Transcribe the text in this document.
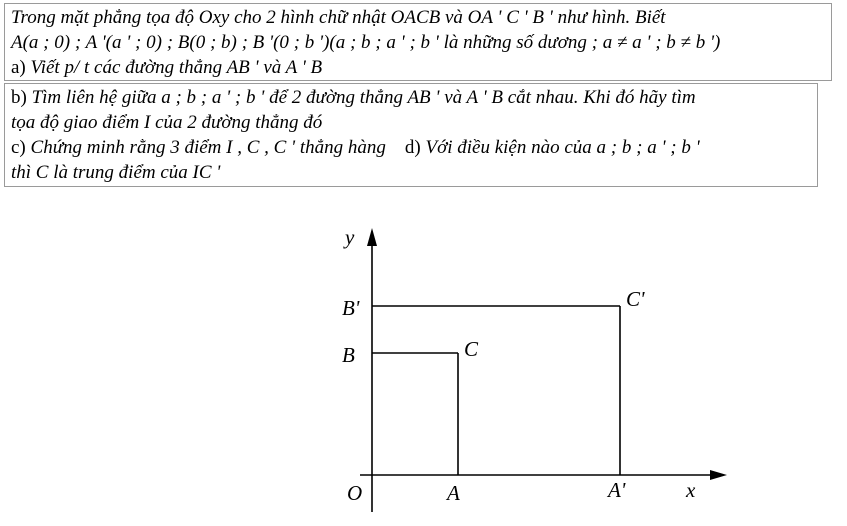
Trong mặt phẳng tọa độ Oxy cho 2 hình chữ nhật OACB và OA ' C ' B ' như hình. Biết
A(a ; 0) ; A '(a ' ; 0) ; B(0 ; b) ; B '(0 ; b ')(a ; b ; a ' ; b ' là những số dương ; a ≠ a ' ; b ≠ b ')
a) Viết p/ t các đường thẳng AB ' và A ' B
b) Tìm liên hệ giữa a ; b ; a ' ; b ' để 2 đường thẳng AB ' và A ' B cắt nhau. Khi đó hãy tìm
tọa độ giao điểm I của 2 đường thẳng đó
c) Chứng minh rằng 3 điểm I , C , C ' thẳng hàng d) Với điều kiện nào của a ; b ; a ' ; b '
thì C là trung điểm của IC '
y
x
O	A	A'
B
B'
C
C'
